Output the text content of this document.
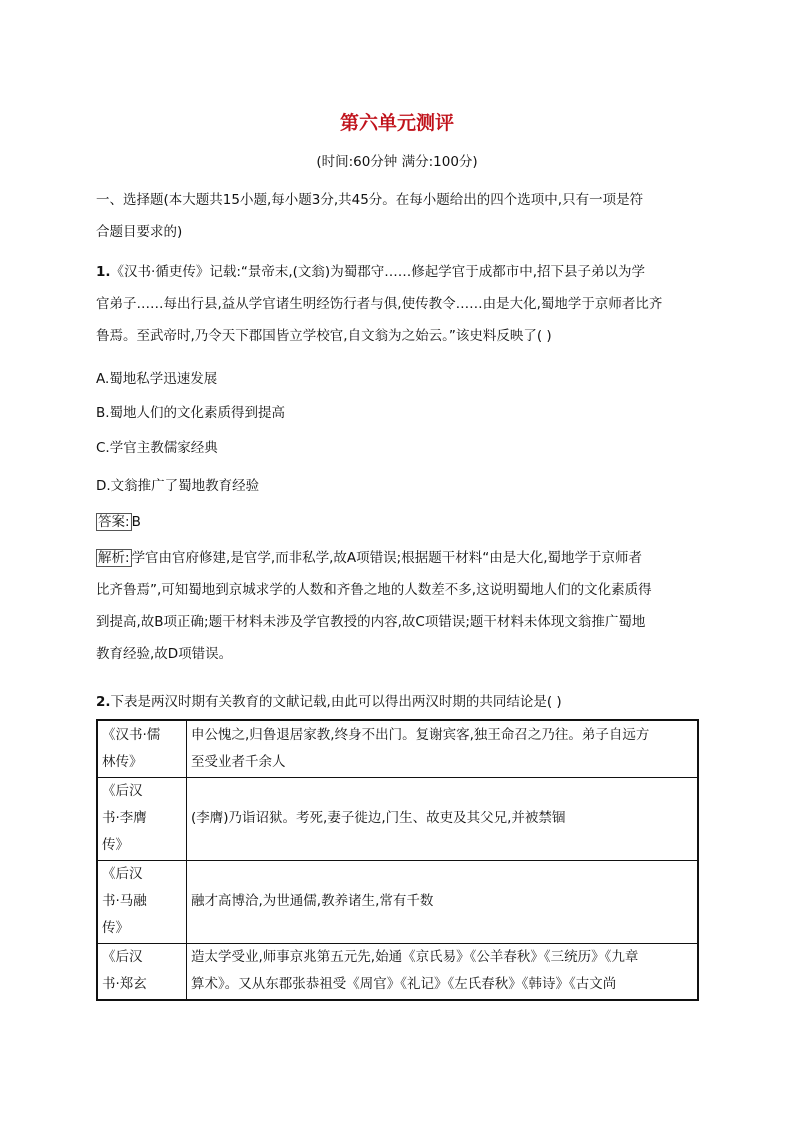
第六单元测评
(时间:60分钟 满分:100分)
一、选择题(本大题共15小题,每小题3分,共45分。在每小题给出的四个选项中,只有一项是符
合题目要求的)
1.《汉书·循吏传》记载:“景帝末,(文翁)为蜀郡守……修起学官于成都市中,招下县子弟以为学
官弟子……每出行县,益从学官诸生明经饬行者与俱,使传教令……由是大化,蜀地学于京师者比齐
鲁焉。至武帝时,乃令天下郡国皆立学校官,自文翁为之始云。”该史料反映了( )
A.蜀地私学迅速发展
B.蜀地人们的文化素质得到提高
C.学官主教儒家经典
D.文翁推广了蜀地教育经验
答案: B
解析: 学官由官府修建,是官学,而非私学,故A项错误;根据题干材料“由是大化,蜀地学于京师者
比齐鲁焉”,可知蜀地到京城求学的人数和齐鲁之地的人数差不多,这说明蜀地人们的文化素质得
到提高,故B项正确;题干材料未涉及学官教授的内容,故C项错误;题干材料未体现文翁推广蜀地
教育经验,故D项错误。
2.下表是两汉时期有关教育的文献记载,由此可以得出两汉时期的共同结论是( )
《汉书·儒
林传》	申公愧之,归鲁退居家教,终身不出门。复谢宾客,独王命召之乃往。弟子自远方
至受业者千余人

《后汉
书·李膺
传》	(李膺)乃诣诏狱。考死,妻子徙边,门生、故吏及其父兄,并被禁锢

《后汉
书·马融
传》	融才高博洽,为世通儒,教养诸生,常有千数

《后汉
书·郑玄	造太学受业,师事京兆第五元先,始通《京氏易》《公羊春秋》《三统历》《九章
算术》。又从东郡张恭祖受《周官》《礼记》《左氏春秋》《韩诗》《古文尚
